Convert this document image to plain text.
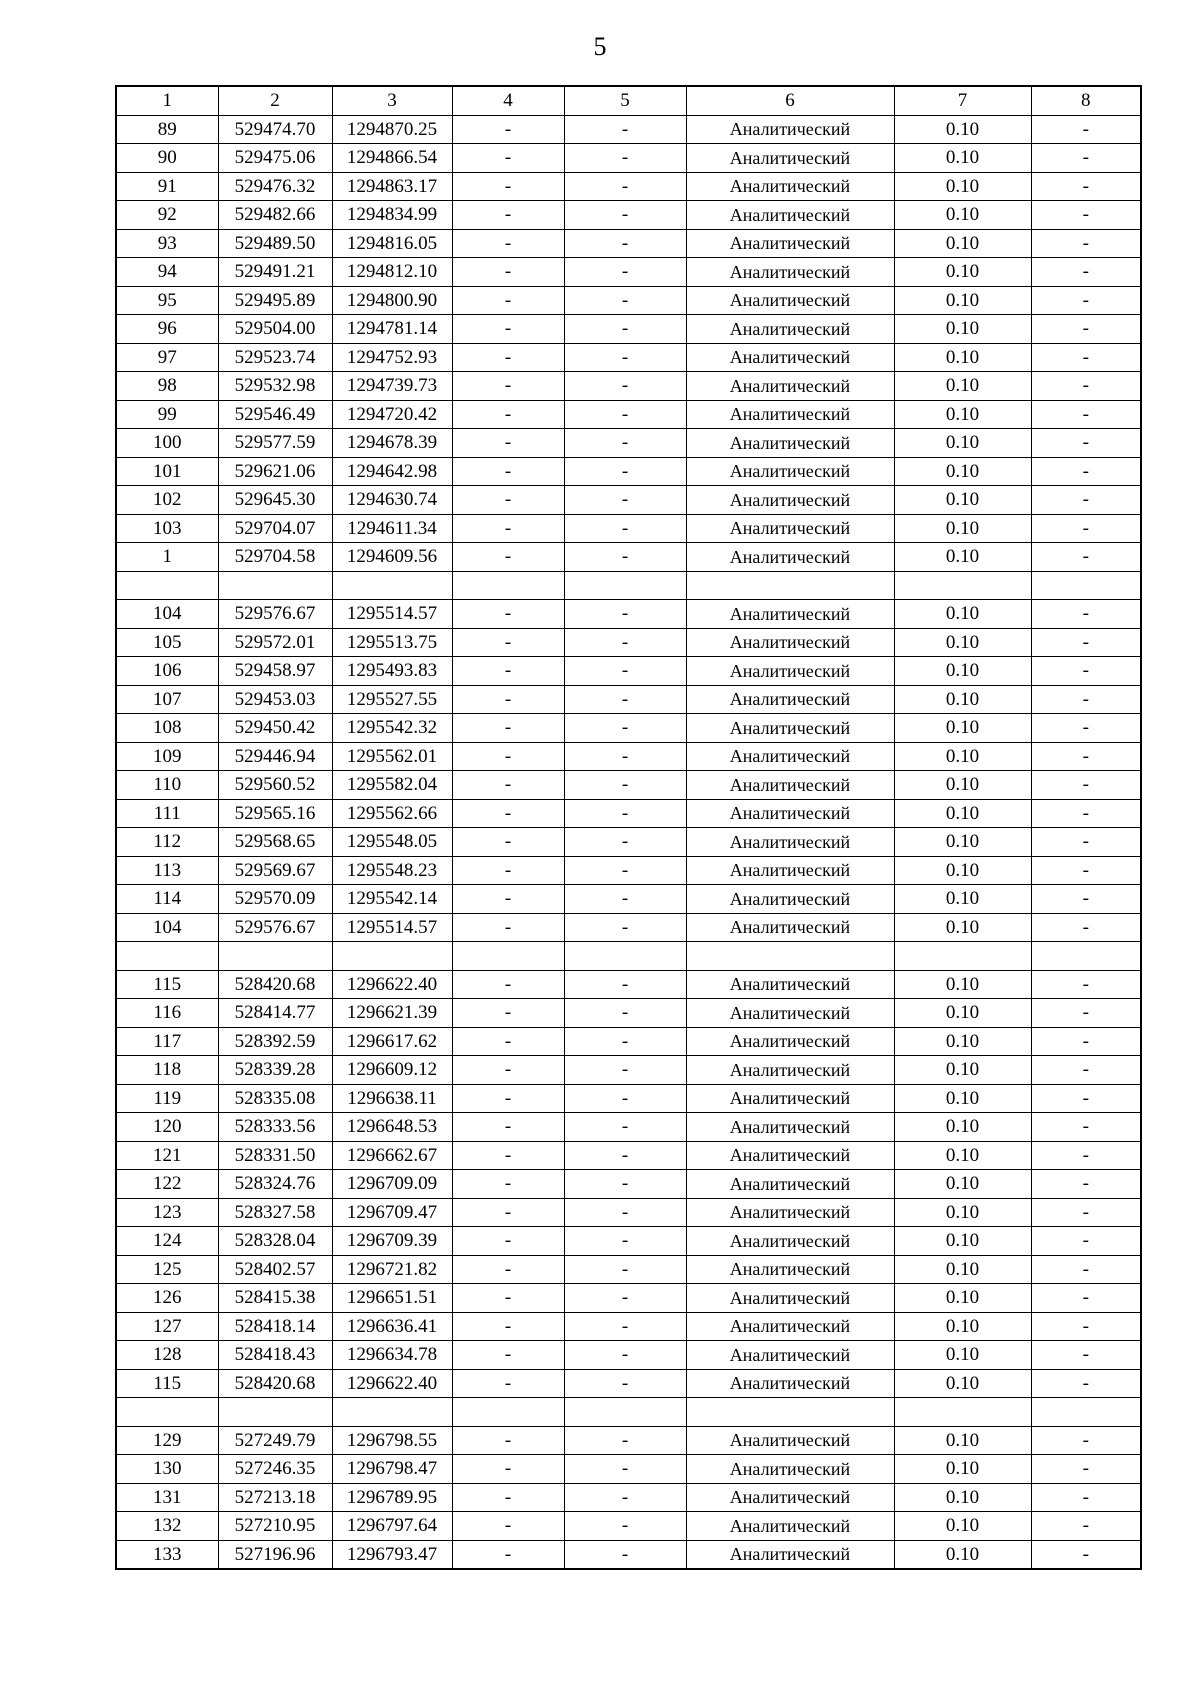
5
1	2	3	4	5	6	7	8
89	529474.70	1294870.25	-	-	Аналитический	0.10	-
90	529475.06	1294866.54	-	-	Аналитический	0.10	-
91	529476.32	1294863.17	-	-	Аналитический	0.10	-
92	529482.66	1294834.99	-	-	Аналитический	0.10	-
93	529489.50	1294816.05	-	-	Аналитический	0.10	-
94	529491.21	1294812.10	-	-	Аналитический	0.10	-
95	529495.89	1294800.90	-	-	Аналитический	0.10	-
96	529504.00	1294781.14	-	-	Аналитический	0.10	-
97	529523.74	1294752.93	-	-	Аналитический	0.10	-
98	529532.98	1294739.73	-	-	Аналитический	0.10	-
99	529546.49	1294720.42	-	-	Аналитический	0.10	-
100	529577.59	1294678.39	-	-	Аналитический	0.10	-
101	529621.06	1294642.98	-	-	Аналитический	0.10	-
102	529645.30	1294630.74	-	-	Аналитический	0.10	-
103	529704.07	1294611.34	-	-	Аналитический	0.10	-
1	529704.58	1294609.56	-	-	Аналитический	0.10	-

104	529576.67	1295514.57	-	-	Аналитический	0.10	-
105	529572.01	1295513.75	-	-	Аналитический	0.10	-
106	529458.97	1295493.83	-	-	Аналитический	0.10	-
107	529453.03	1295527.55	-	-	Аналитический	0.10	-
108	529450.42	1295542.32	-	-	Аналитический	0.10	-
109	529446.94	1295562.01	-	-	Аналитический	0.10	-
110	529560.52	1295582.04	-	-	Аналитический	0.10	-
111	529565.16	1295562.66	-	-	Аналитический	0.10	-
112	529568.65	1295548.05	-	-	Аналитический	0.10	-
113	529569.67	1295548.23	-	-	Аналитический	0.10	-
114	529570.09	1295542.14	-	-	Аналитический	0.10	-
104	529576.67	1295514.57	-	-	Аналитический	0.10	-

115	528420.68	1296622.40	-	-	Аналитический	0.10	-
116	528414.77	1296621.39	-	-	Аналитический	0.10	-
117	528392.59	1296617.62	-	-	Аналитический	0.10	-
118	528339.28	1296609.12	-	-	Аналитический	0.10	-
119	528335.08	1296638.11	-	-	Аналитический	0.10	-
120	528333.56	1296648.53	-	-	Аналитический	0.10	-
121	528331.50	1296662.67	-	-	Аналитический	0.10	-
122	528324.76	1296709.09	-	-	Аналитический	0.10	-
123	528327.58	1296709.47	-	-	Аналитический	0.10	-
124	528328.04	1296709.39	-	-	Аналитический	0.10	-
125	528402.57	1296721.82	-	-	Аналитический	0.10	-
126	528415.38	1296651.51	-	-	Аналитический	0.10	-
127	528418.14	1296636.41	-	-	Аналитический	0.10	-
128	528418.43	1296634.78	-	-	Аналитический	0.10	-
115	528420.68	1296622.40	-	-	Аналитический	0.10	-

129	527249.79	1296798.55	-	-	Аналитический	0.10	-
130	527246.35	1296798.47	-	-	Аналитический	0.10	-
131	527213.18	1296789.95	-	-	Аналитический	0.10	-
132	527210.95	1296797.64	-	-	Аналитический	0.10	-
133	527196.96	1296793.47	-	-	Аналитический	0.10	-
